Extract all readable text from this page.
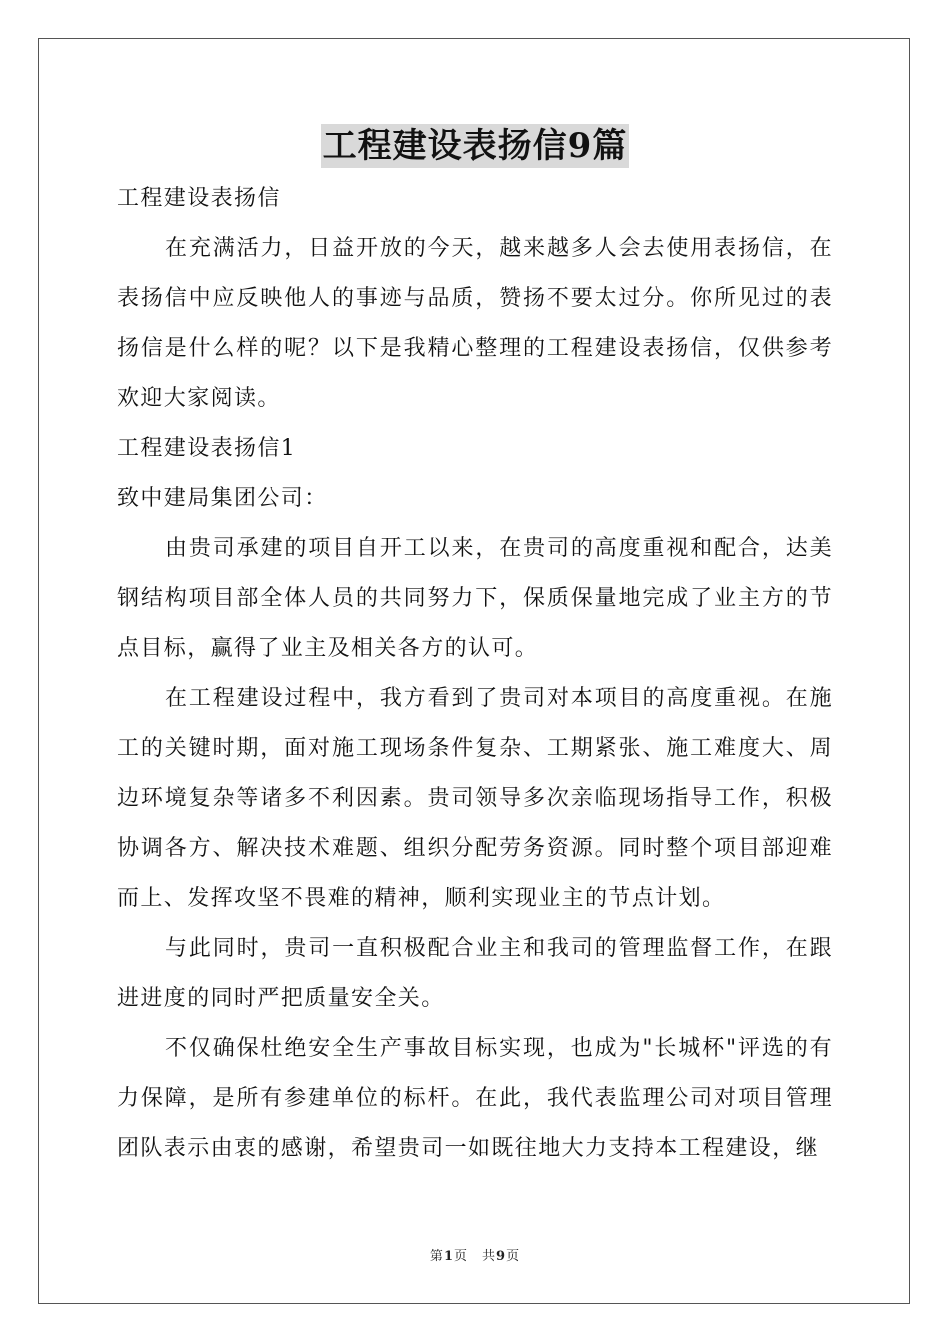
工程建设表扬信9篇

工程建设表扬信

在充满活力，日益开放的今天，越来越多人会去使用表扬信，在表扬信中应反映他人的事迹与品质，赞扬不要太过分。你所见过的表扬信是什么样的呢？以下是我精心整理的工程建设表扬信，仅供参考欢迎大家阅读。

工程建设表扬信1

致中建局集团公司：

由贵司承建的项目自开工以来，在贵司的高度重视和配合，达美钢结构项目部全体人员的共同努力下，保质保量地完成了业主方的节点目标，赢得了业主及相关各方的认可。

在工程建设过程中，我方看到了贵司对本项目的高度重视。在施工的关键时期，面对施工现场条件复杂、工期紧张、施工难度大、周边环境复杂等诸多不利因素。贵司领导多次亲临现场指导工作，积极协调各方、解决技术难题、组织分配劳务资源。同时整个项目部迎难而上、发挥攻坚不畏难的精神，顺利实现业主的节点计划。

与此同时，贵司一直积极配合业主和我司的管理监督工作，在跟进进度的同时严把质量安全关。

不仅确保杜绝安全生产事故目标实现，也成为"长城杯"评选的有力保障，是所有参建单位的标杆。在此，我代表监理公司对项目管理团队表示由衷的感谢，希望贵司一如既往地大力支持本工程建设，继

第1页 共9页
